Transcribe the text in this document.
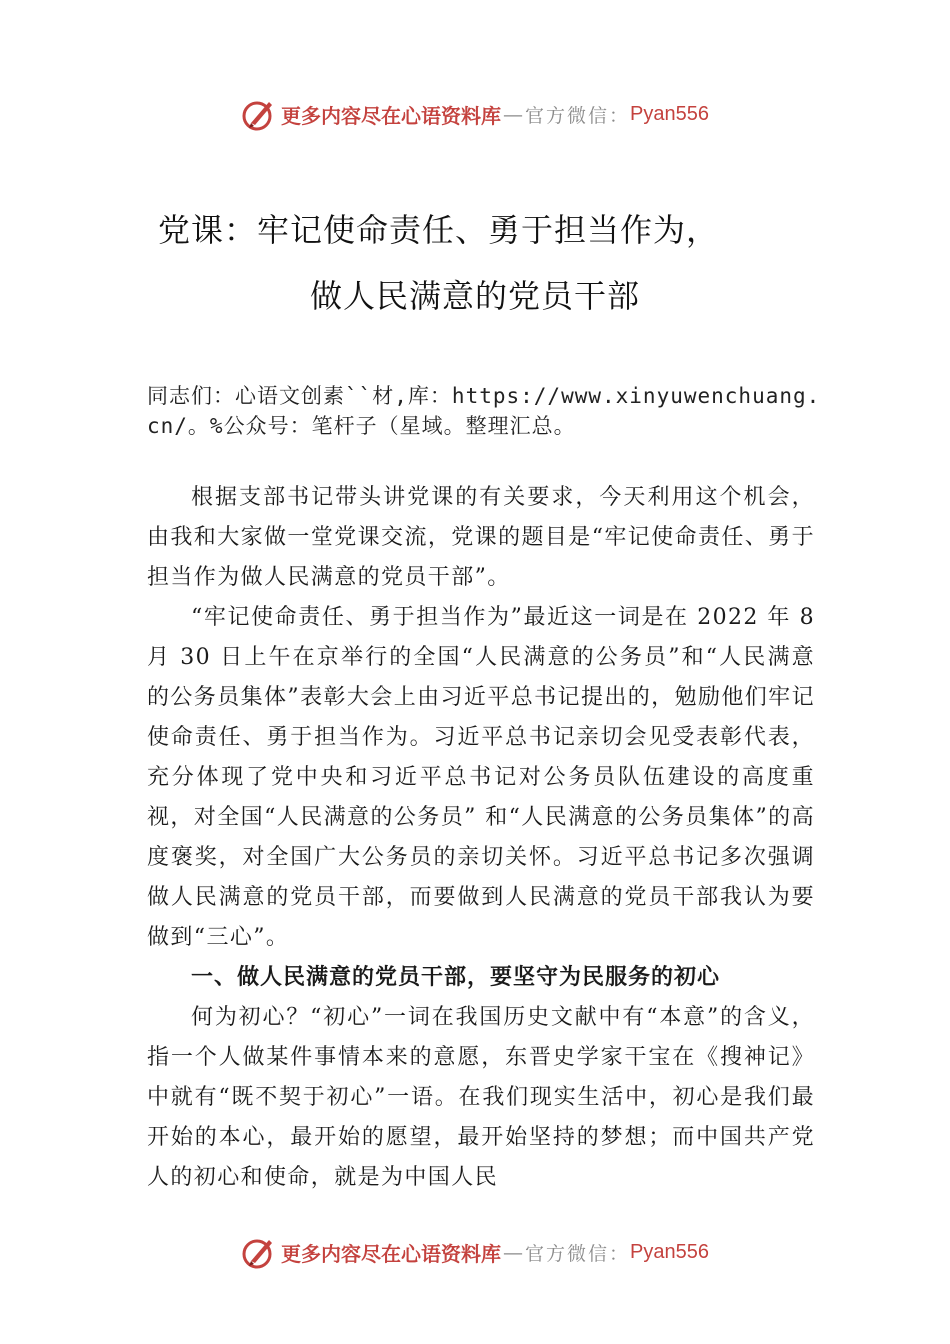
更多内容尽在心语资料库 — 官方微信： Pyan556
党课：牢记使命责任、勇于担当作为，
做人民满意的党员干部
同志们：心语文创素``材,库：https://www.xinyuwenchuang.cn/。%公众号：笔杆子（星域。整理汇总。

根据支部书记带头讲党课的有关要求，今天利用这个机会，由我和大家做一堂党课交流，党课的题目是“牢记使命责任、勇于担当作为做人民满意的党员干部”。

“牢记使命责任、勇于担当作为”最近这一词是在 2022 年 8 月 30 日上午在京举行的全国“人民满意的公务员”和“人民满意的公务员集体”表彰大会上由习近平总书记提出的，勉励他们牢记使命责任、勇于担当作为。习近平总书记亲切会见受表彰代表，充分体现了党中央和习近平总书记对公务员队伍建设的高度重视，对全国“人民满意的公务员” 和“人民满意的公务员集体”的高度褒奖，对全国广大公务员的亲切关怀。习近平总书记多次强调做人民满意的党员干部，而要做到人民满意的党员干部我认为要做到“三心”。

一、做人民满意的党员干部，要坚守为民服务的初心

何为初心？“初心”一词在我国历史文献中有“本意”的含义，指一个人做某件事情本来的意愿，东晋史学家干宝在《搜神记》中就有“既不契于初心”一语。在我们现实生活中，初心是我们最开始的本心，最开始的愿望，最开始坚持的梦想；而中国共产党人的初心和使命，就是为中国人民

更多内容尽在心语资料库 — 官方微信： Pyan556
